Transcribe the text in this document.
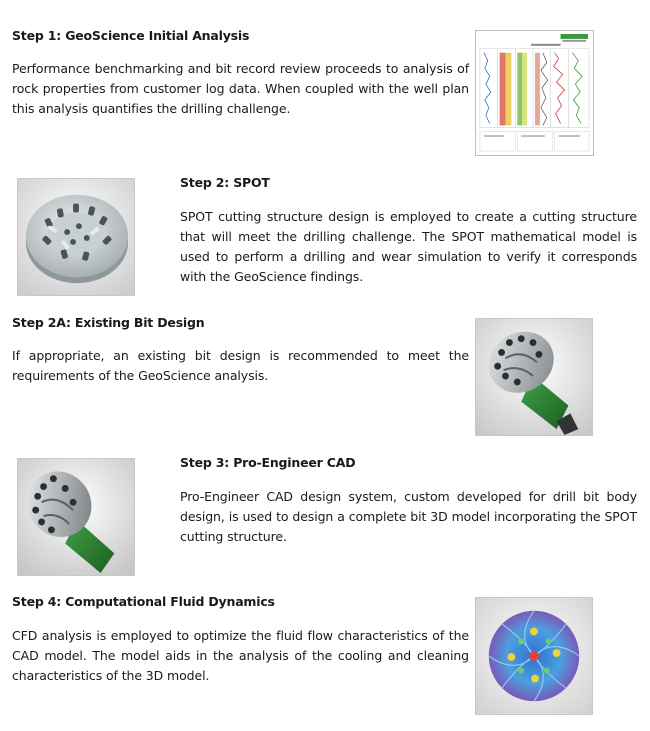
Step 1: GeoScience Initial Analysis
Performance benchmarking and bit record review proceeds to analysis of rock properties from customer log data. When coupled with the well plan this analysis quantifies the drilling challenge.
Step 2: SPOT
SPOT cutting structure design is employed to create a cutting structure that will meet the drilling challenge. The SPOT mathematical model is used to perform a drilling and wear simulation to verify it corresponds with the GeoScience findings.
Step 2A: Existing Bit Design
If appropriate, an existing bit design is recommended to meet the requirements of the GeoScience analysis.
Step 3: Pro-Engineer CAD
Pro-Engineer CAD design system, custom developed for drill bit body design, is used to design a complete bit 3D model incorporating the SPOT cutting structure.
Step 4: Computational Fluid Dynamics
CFD analysis is employed to optimize the fluid flow characteristics of the CAD model. The model aids in the analysis of the cooling and cleaning characteristics of the 3D model.
